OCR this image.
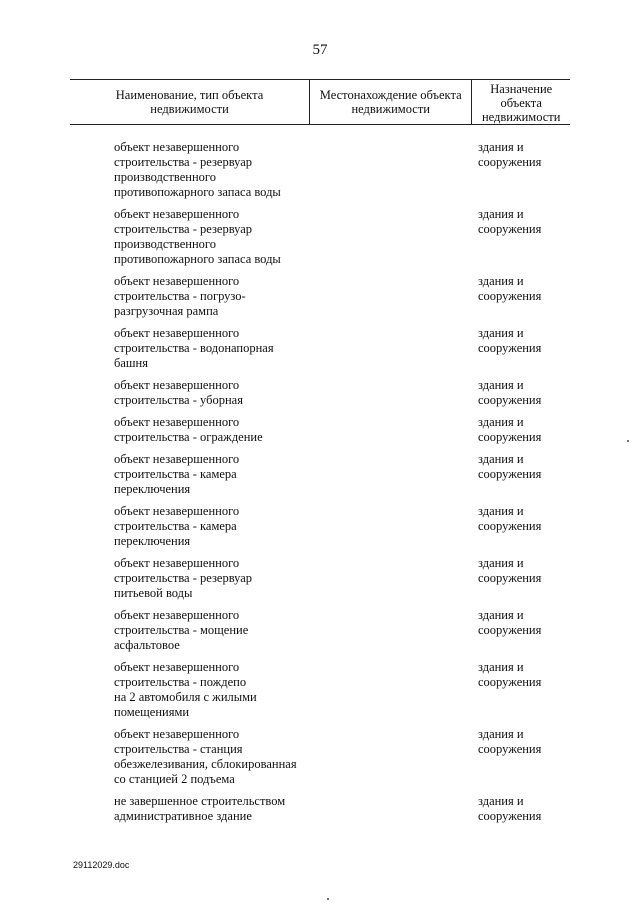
57
Наименование, тип объекта
недвижимости
Местонахождение объекта
недвижимости
Назначение
объекта
недвижимости
объект незавершенного
строительства - резервуар
производственного
противопожарного запаса воды
здания и
сооружения
объект незавершенного
строительства - резервуар
производственного
противопожарного запаса воды
здания и
сооружения
объект незавершенного
строительства - погрузо-
разгрузочная рампа
здания и
сооружения
объект незавершенного
строительства - водонапорная
башня
здания и
сооружения
объект незавершенного
строительства - уборная
здания и
сооружения
объект незавершенного
строительства - ограждение
здания и
сооружения
объект незавершенного
строительства - камера
переключения
здания и
сооружения
объект незавершенного
строительства - камера
переключения
здания и
сооружения
объект незавершенного
строительства - резервуар
питьевой воды
здания и
сооружения
объект незавершенного
строительства - мощение
асфальтовое
здания и
сооружения
объект незавершенного
строительства - пождепо
на 2 автомобиля с жилыми
помещениями
здания и
сооружения
объект незавершенного
строительства - станция
обезжелезивания, сблокированная
со станцией 2 подъема
здания и
сооружения
не завершенное строительством
административное здание
здания и
сооружения
29112029.doc
